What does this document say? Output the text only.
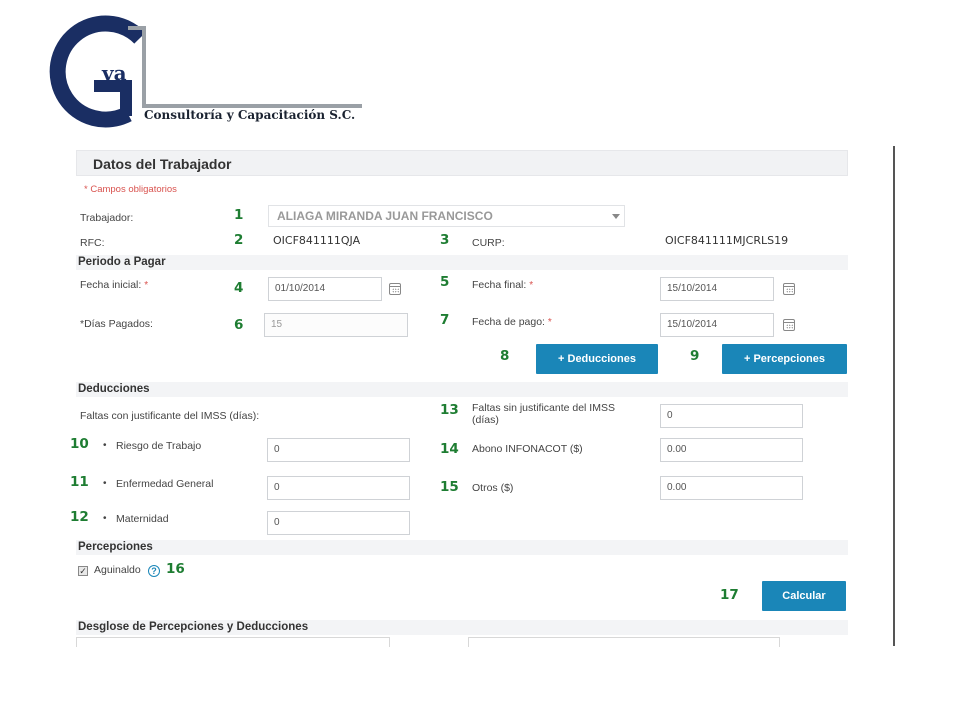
va
Consultoría y Capacitación S.C.
Datos del Trabajador
* Campos obligatorios
Trabajador:	1	ALIAGA MIRANDA JUAN FRANCISCO
RFC:	2	OICF841111QJA	3 CURP:	OICF841111MJCRLS19
Periodo a Pagar
Fecha inicial: *	4	01/10/2014	5 Fecha final: *	15/10/2014
*Días Pagados:	6	15	7 Fecha de pago: *	15/10/2014
8	+ Deducciones	9	+ Percepciones
Deducciones
Faltas con justificante del IMSS (días):	13 Faltas sin justificante del IMSS
(días)	0
10 • Riesgo de Trabajo	0	14 Abono INFONACOT ($)	0.00
11 • Enfermedad General	0	15 Otros ($)	0.00
12 • Maternidad	0
Percepciones
✓ Aguinaldo	? 16
17	Calcular
Desglose de Percepciones y Deducciones
